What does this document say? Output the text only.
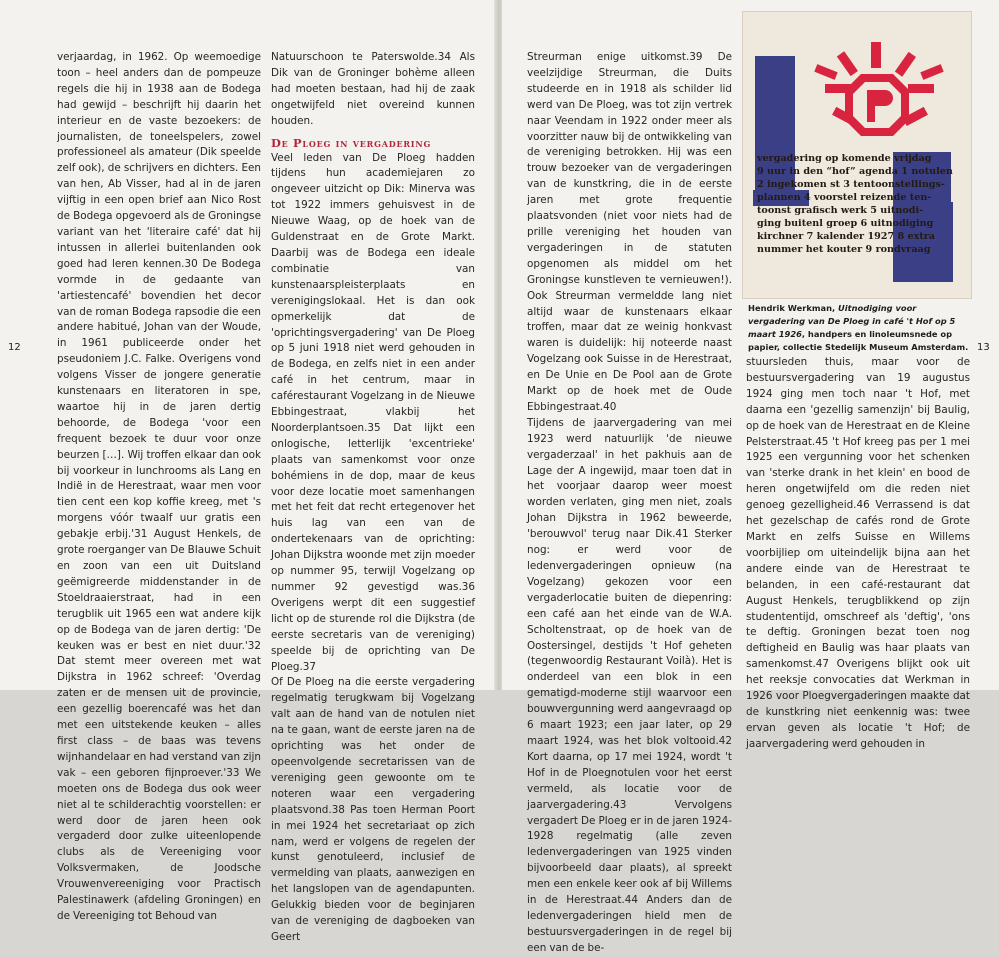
verjaardag, in 1962. Op weemoedige toon – heel anders dan de pompeuze regels die hij in 1938 aan de Bodega had gewijd – beschrijft hij daarin het interieur en de vaste bezoekers: de journalisten, de toneelspelers, zowel professioneel als amateur (Dik speelde zelf ook), de schrijvers en dichters. Een van hen, Ab Visser, had al in de jaren vijftig in een open brief aan Nico Rost de Bodega opgevoerd als de Groningse variant van het 'literaire café' dat hij intussen in allerlei buitenlanden ook goed had leren kennen.30 De Bodega vormde in de gedaante van 'artiestencafé' bovendien het decor van de roman Bodega rapsodie die een andere habitué, Johan van der Woude, in 1961 publiceerde onder het pseudoniem J.C. Falke. Overigens vond volgens Visser de jongere generatie kunstenaars en literatoren in spe, waartoe hij in de jaren dertig behoorde, de Bodega 'voor een frequent bezoek te duur voor onze beurzen […]. Wij troffen elkaar dan ook bij voorkeur in lunchrooms als Lang en Indië in de Herestraat, waar men voor tien cent een kop koffie kreeg, met 's morgens vóór twaalf uur gratis een gebakje erbij.'31 August Henkels, de grote roerganger van De Blauwe Schuit en zoon van een uit Duitsland geëmigreerde middenstander in de Stoeldraaierstraat, had in een terugblik uit 1965 een wat andere kijk op de Bodega van de jaren dertig: 'De keuken was er best en niet duur.'32 Dat stemt meer overeen met wat Dijkstra in 1962 schreef: 'Overdag zaten er de mensen uit de provincie, een gezellig boerencafé was het dan met een uitstekende keuken – alles first class – de baas was tevens wijnhandelaar en had verstand van zijn vak – een geboren fijnproever.'33 We moeten ons de Bodega dus ook weer niet al te schilderachtig voorstellen: er werd door de jaren heen ook vergaderd door zulke uiteenlopende clubs als de Vereeniging voor Volksvermaken, de Joodsche Vrouwenvereeniging voor Practisch Palestinawerk (afdeling Groningen) en de Vereeniging tot Behoud van

Natuurschoon te Paterswolde.34 Als Dik van de Groninger bohème alleen had moeten bestaan, had hij de zaak ongetwijfeld niet overeind kunnen houden.

De Ploeg in vergadering

Veel leden van De Ploeg hadden tijdens hun academiejaren zo ongeveer uitzicht op Dik: Minerva was tot 1922 immers gehuisvest in de Nieuwe Waag, op de hoek van de Guldenstraat en de Grote Markt. Daarbij was de Bodega een ideale combinatie van kunstenaarspleisterplaats en verenigingslokaal. Het is dan ook opmerkelijk dat de 'oprichtingsvergadering' van De Ploeg op 5 juni 1918 niet werd gehouden in de Bodega, en zelfs niet in een ander café in het centrum, maar in caférestaurant Vogelzang in de Nieuwe Ebbingestraat, vlakbij het Noorderplantsoen.35 Dat lijkt een onlogische, letterlijk 'excentrieke' plaats van samenkomst voor onze bohémiens in de dop, maar de keus voor deze locatie moet samenhangen met het feit dat recht ertegenover het huis lag van een van de ondertekenaars van de oprichting: Johan Dijkstra woonde met zijn moeder op nummer 95, terwijl Vogelzang op nummer 92 gevestigd was.36 Overigens werpt dit een suggestief licht op de sturende rol die Dijkstra (de eerste secretaris van de vereniging) speelde bij de oprichting van De Ploeg.37

Of De Ploeg na die eerste vergadering regelmatig terugkwam bij Vogelzang valt aan de hand van de notulen niet na te gaan, want de eerste jaren na de oprichting was het onder de opeenvolgende secretarissen van de vereniging geen gewoonte om te noteren waar een vergadering plaatsvond.38 Pas toen Herman Poort in mei 1924 het secretariaat op zich nam, werd er volgens de regelen der kunst genotuleerd, inclusief de vermelding van plaats, aanwezigen en het langslopen van de agendapunten. Gelukkig bieden voor de beginjaren van de vereniging de dagboeken van Geert

12	13

Streurman enige uitkomst.39 De veelzijdige Streurman, die Duits studeerde en in 1918 als schilder lid werd van De Ploeg, was tot zijn vertrek naar Veendam in 1922 onder meer als voorzitter nauw bij de ontwikkeling van de vereniging betrokken. Hij was een trouw bezoeker van de vergaderingen van de kunstkring, die in de eerste jaren met grote frequentie plaatsvonden (niet voor niets had de prille vereniging het houden van vergaderingen in de statuten opgenomen als middel om het Groningse kunstleven te vernieuwen!). Ook Streurman vermeldde lang niet altijd waar de kunstenaars elkaar troffen, maar dat ze weinig honkvast waren is duidelijk: hij noteerde naast Vogelzang ook Suisse in de Herestraat, en De Unie en De Pool aan de Grote Markt op de hoek met de Oude Ebbingestraat.40

Tijdens de jaarvergadering van mei 1923 werd natuurlijk 'de nieuwe vergaderzaal' in het pakhuis aan de Lage der A ingewijd, maar toen dat in het voorjaar daarop weer moest worden verlaten, ging men niet, zoals Johan Dijkstra in 1962 beweerde, 'berouwvol' terug naar Dik.41 Sterker nog: er werd voor de ledenvergaderingen opnieuw (na Vogelzang) gekozen voor een vergaderlocatie buiten de diepenring: een café aan het einde van de W.A. Scholtenstraat, op de hoek van de Oostersingel, destijds 't Hof geheten (tegenwoordig Restaurant Voilà). Het is onderdeel van een blok in een gematigd-moderne stijl waarvoor een bouwvergunning werd aangevraagd op 6 maart 1923; een jaar later, op 29 maart 1924, was het blok voltooid.42 Kort daarna, op 17 mei 1924, wordt 't Hof in de Ploegnotulen voor het eerst vermeld, als locatie voor de jaarvergadering.43 Vervolgens vergadert De Ploeg er in de jaren 1924-1928 regelmatig (alle zeven ledenvergaderingen van 1925 vinden bijvoorbeeld daar plaats), al spreekt men een enkele keer ook af bij Willems in de Herestraat.44 Anders dan de ledenvergaderingen hield men de bestuursvergaderingen in de regel bij een van de be-

stuursleden thuis, maar voor de bestuursvergadering van 19 augustus 1924 ging men toch naar 't Hof, met daarna een 'gezellig samenzijn' bij Baulig, op de hoek van de Herestraat en de Kleine Pelsterstraat.45 't Hof kreeg pas per 1 mei 1925 een vergunning voor het schenken van 'sterke drank in het klein' en bood de heren ongetwijfeld om die reden niet genoeg gezelligheid.46 Verrassend is dat het gezelschap de cafés rond de Grote Markt en zelfs Suisse en Willems voorbijliep om uiteindelijk bijna aan het andere einde van de Herestraat te belanden, in een café-restaurant dat August Henkels, terugblikkend op zijn studententijd, omschreef als 'deftig', 'ons te deftig. Groningen bezat toen nog deftigheid en Baulig was haar plaats van samenkomst.47 Overigens blijkt ook uit het reeksje convocaties dat Werkman in 1926 voor Ploegvergaderingen maakte dat de kunstkring niet eenkennig was: twee ervan geven als locatie 't Hof; de jaarvergadering werd gehouden in

vergadering op komende vrijdag
9 uur in den “hof” agenda 1 notulen
2 ingekomen st 3 tentoonstellings-
plannen 4 voorstel reizende ten-
toonst grafisch werk 5 uitnodi-
ging buitenl groep 6 uitnodiging
kirchner 7 kalender 1927 8 extra
nummer het kouter 9 rondvraag
Hendrik Werkman, Uitnodiging voor vergadering van De Ploeg in café 't Hof op 5 maart 1926, handpers en linoleumsnede op papier, collectie Stedelijk Museum Amsterdam.
